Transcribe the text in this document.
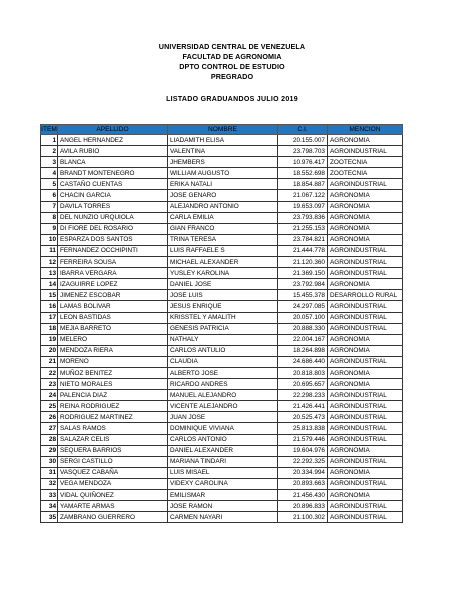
UNIVERSIDAD CENTRAL DE VENEZUELA
FACULTAD DE AGRONOMIA
DPTO CONTROL DE ESTUDIO
PREGRADO
LISTADO GRADUANDOS JULIO 2019
ITEM	APELLIDO	NOMBRE	C.I.	MENCION
1	ANGEL HERNANDEZ	LIADAMITH ELISA	20.155.007	AGRONOMIA
2	AVILA RUBIO	VALENTINA	23.798.703	AGROINDUSTRIAL
3	BLANCA	JHEMBERS	10.976.417	ZOOTECNIA
4	BRANDT MONTENEGRO	WILLIAM AUGUSTO	18.552.698	ZOOTECNIA
5	CASTAÑO CUENTAS	ERIKA NATALI	18.854.887	AGROINDUSTRIAL
6	CHACIN GARCIA	JOSE GENARO	21.067.122	AGRONOMIA
7	DAVILA TORRES	ALEJANDRO ANTONIO	19.653.097	AGRONOMIA
8	DEL NUNZIO URQUIOLA	CARLA EMILIA	23.793.836	AGRONOMIA
9	DI FIORE DEL ROSARIO	GIAN FRANCO	21.255.153	AGRONOMIA
10	ESPARZA DOS SANTOS	TRINA TERESA	23.784.821	AGRONOMIA
11	FERNANDEZ OCCHIPINTI	LUIS RAFFAELE S	21.444.778	AGROINDUSTRIAL
12	FERREIRA SOUSA	MICHAEL ALEXANDER	21.120.360	AGROINDUSTRIAL
13	IBARRA VERGARA	YUSLEY KAROLINA	21.369.150	AGROINDUSTRIAL
14	IZAGUIRRE LOPEZ	DANIEL JOSE	23.792.984	AGRONOMIA
15	JIMENEZ ESCOBAR	JOSE LUIS	15.455.378	DESARROLLO RURAL
16	LAMAS BOLIVAR	JESUS ENRIQUE	24.297.085	AGROINDUSTRIAL
17	LEON BASTIDAS	KRISSTEL Y AMALITH	20.057.100	AGROINDUSTRIAL
18	MEJIA BARRETO	GENESIS PATRICIA	20.888.330	AGROINDUSTRIAL
19	MELERO	NATHALY	22.004.167	AGRONOMIA
20	MENDOZA RIERA	CARLOS ANTULIO	18.264.898	AGRONOMIA
21	MORENO	CLAUDIA	24.686.440	AGROINDUSTRIAL
22	MUÑOZ BENITEZ	ALBERTO JOSE	20.818.803	AGRONOMIA
23	NIETO MORALES	RICARDO ANDRES	20.695.657	AGRONOMIA
24	PALENCIA DIAZ	MANUEL ALEJANDRO	22.298.233	AGROINDUSTRIAL
25	REINA RODRIGUEZ	VICENTE ALEJANDRO	21.426.441	AGROINDUSTRIAL
26	RODRIGUEZ MARTINEZ	JUAN JOSE	20.525.473	AGROINDUSTRIAL
27	SALAS RAMOS	DOMINIQUE VIVIANA	25.813.838	AGROINDUSTRIAL
28	SALAZAR CELIS	CARLOS ANTONIO	21.579.446	AGROINDUSTRIAL
29	SEQUERA BARRIOS	DANIEL ALEXANDER	19.604.976	AGRONOMIA
30	SERGI CASTILLO	MARIANA TINDARI	22.292.325	AGROINDUSTRIAL
31	VASQUEZ CABAÑA	LUIS MISAEL	20.334.994	AGRONOMIA
32	VEGA MENDOZA	VIDEXY CAROLINA	20.893.663	AGROINDUSTRIAL
33	VIDAL QUIÑONEZ	EMILISMAR	21.456.430	AGRONOMIA
34	YAMARTE ARMAS	JOSE RAMON	20.896.833	AGROINDUSTRIAL
35	ZAMBRANO GUERRERO	CARMEN NAYARI	21.100.302	AGROINDUSTRIAL
